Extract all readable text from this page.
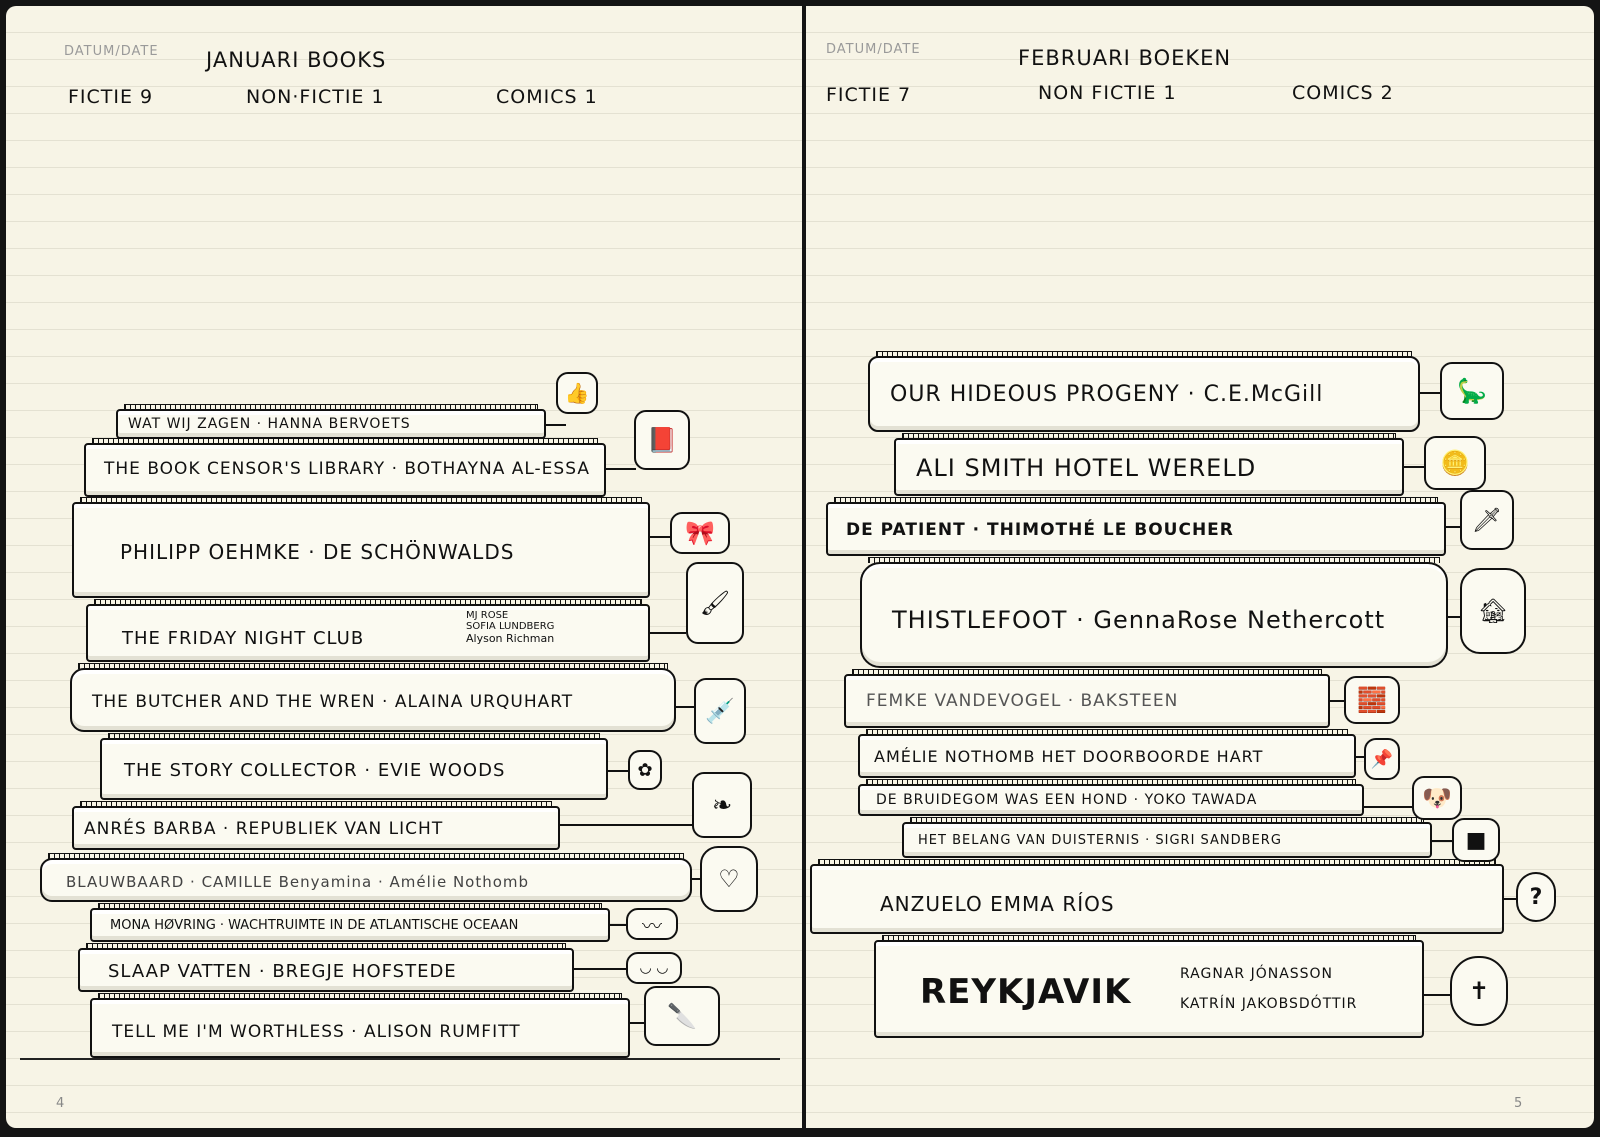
DATUM/DATE JANUARI BOOKS
FICTIE 9	NON·FICTIE 1	COMICS 1
WAT WIJ ZAGEN · HANNA BERVOETS
THE BOOK CENSOR'S LIBRARY · BOTHAYNA AL-ESSA
PHILIPP OEHMKE · DE SCHÖNWALDS
THE FRIDAY NIGHT CLUB
MJ ROSE
SOFIA LUNDBERG
Alyson Richman
THE BUTCHER AND THE WREN · ALAINA URQUHART
THE STORY COLLECTOR · EVIE WOODS
ANRÉS BARBA · REPUBLIEK VAN LICHT
BLAUWBAARD · CAMILLE Benyamina · Amélie Nothomb
MONA HØVRING · WACHTRUIMTE IN DE ATLANTISCHE OCEAAN
SLAAP VATTEN · BREGJE HOFSTEDE
TELL ME I'M WORTHLESS · ALISON RUMFITT
👍
📕
🎀
🖌
💉
✿
❧
♡
〰
◡ ◡
🔪
4
DATUM/DATE	FEBRUARI BOEKEN
FICTIE 7	NON FICTIE 1	COMICS 2
OUR HIDEOUS PROGENY · C.E.McGill
ALI SMITH HOTEL WERELD
DE PATIENT · THIMOTHÉ LE BOUCHER
THISTLEFOOT · GennaRose Nethercott
FEMKE VANDEVOGEL · BAKSTEEN
AMÉLIE NOTHOMB HET DOORBOORDE HART
DE BRUIDEGOM WAS EEN HOND · YOKO TAWADA
HET BELANG VAN DUISTERNIS · SIGRI SANDBERG
ANZUELO EMMA RÍOS
REYKJAVIK	RAGNAR JÓNASSON
KATRÍN JAKOBSDÓTTIR
🦕
🪙
🗡
🏚
🧱
📌
🐶
■
?
✝
5
